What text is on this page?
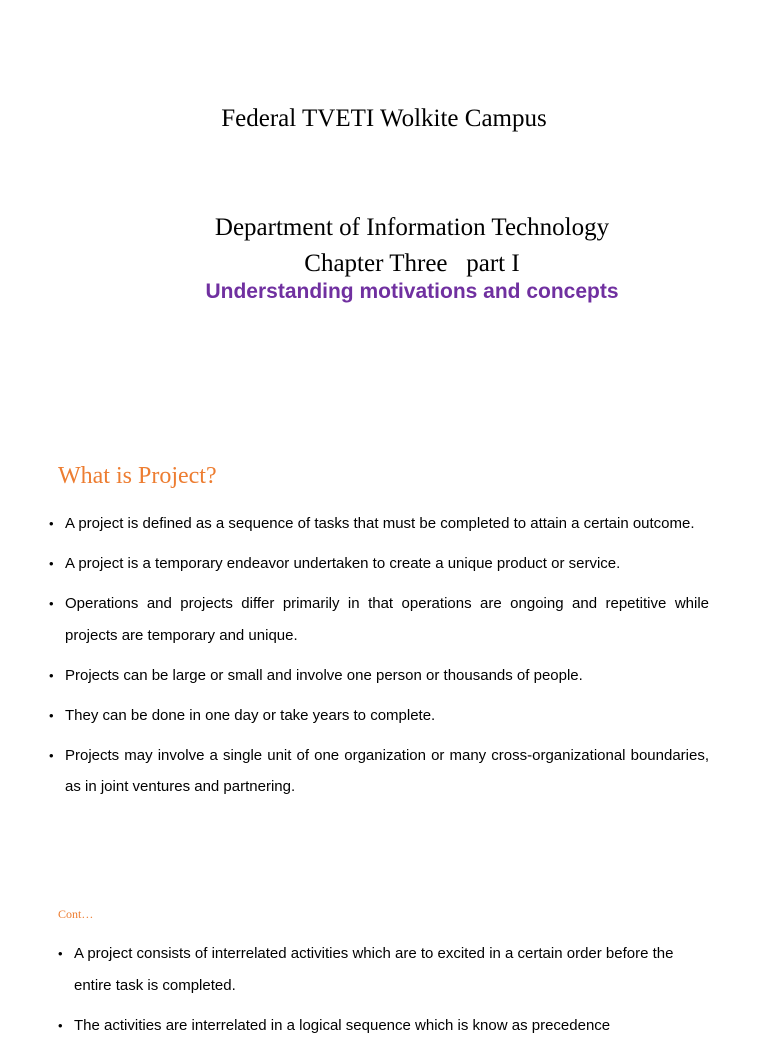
Federal TVETI Wolkite Campus
Department of Information Technology
Chapter Three   part I
Understanding motivations and concepts
What is Project?
• A project is defined as a sequence of tasks that must be completed to attain a certain outcome.
• A project is a temporary endeavor undertaken to create a unique product or service.
• Operations and projects differ primarily in that operations are ongoing and repetitive while projects are temporary and unique.
• Projects can be large or small and involve one person or thousands of people.
• They can be done in one day or take years to complete.
• Projects may involve a single unit of one organization or many cross-organizational boundaries, as in joint ventures and partnering.
Cont…
• A project consists of interrelated activities which are to excited in a certain order before the entire task is completed.
• The activities are interrelated in a logical sequence which is know as precedence
